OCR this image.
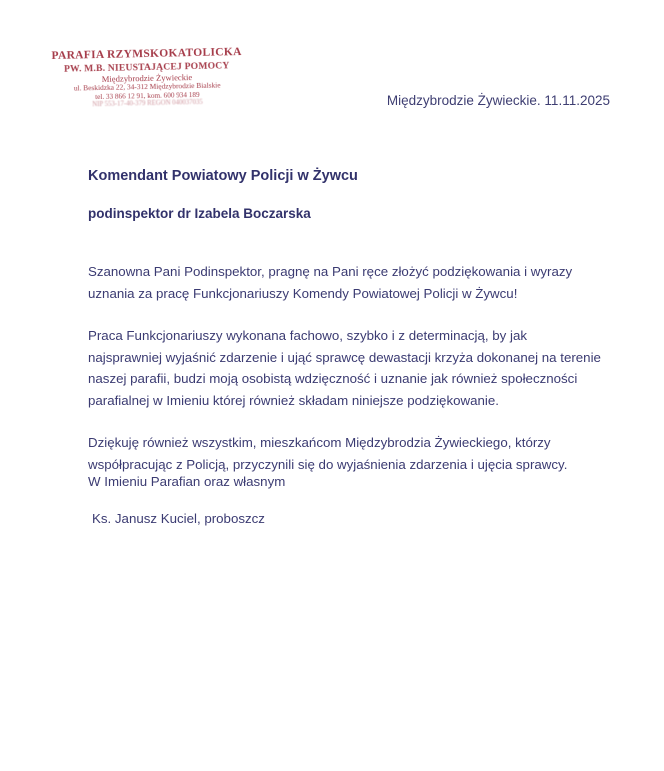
PARAFIA RZYMSKOKATOLICKA
PW. M.B. NIEUSTAJĄCEJ POMOCY
Międzybrodzie Żywieckie
ul. Beskidzka 22, 34-312 Międzybrodzie Bialskie
tel. 33 866 12 91, kom. 600 934 189
NIP 553-17-40-379 REGON 040037035	Międzybrodzie Żywieckie. 11.11.2025
Komendant Powiatowy Policji w Żywcu
podinspektor dr Izabela Boczarska

Szanowna Pani Podinspektor, pragnę na Pani ręce złożyć podziękowania i wyrazy uznania za pracę Funkcjonariuszy Komendy Powiatowej Policji w Żywcu!

Praca Funkcjonariuszy wykonana fachowo, szybko i z determinacją, by jak najsprawniej wyjaśnić zdarzenie i ująć sprawcę dewastacji krzyża dokonanej na terenie naszej parafii, budzi moją osobistą wdzięczność i uznanie jak również społeczności parafialnej w Imieniu której również składam niniejsze podziękowanie.

Dziękuję również wszystkim, mieszkańcom Międzybrodzia Żywieckiego, którzy współpracując z Policją, przyczynili się do wyjaśnienia zdarzenia i ujęcia sprawcy.

W Imieniu Parafian oraz własnym
Ks. Janusz Kuciel, proboszcz
